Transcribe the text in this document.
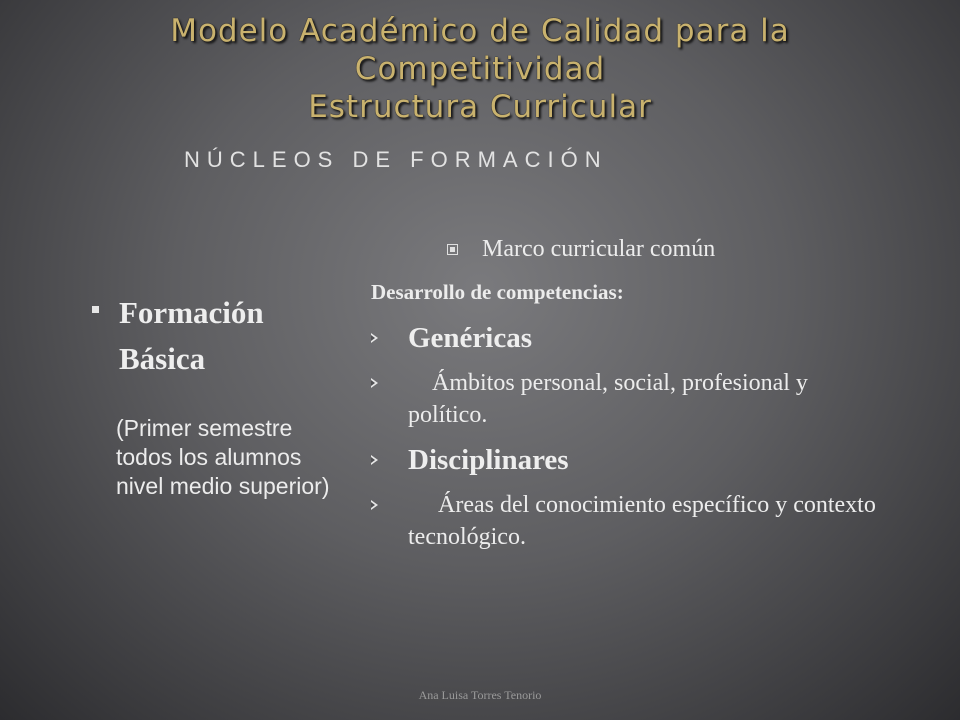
Modelo Académico de Calidad para la
Competitividad
Estructura Curricular
NÚCLEOS DE FORMACIÓN
Formación
Básica
(Primer semestre todos los alumnos nivel medio superior)
Marco curricular común
Desarrollo de competencias:
Genéricas
Ámbitos personal, social, profesional y político.
Disciplinares
Áreas del conocimiento específico y contexto tecnológico.
Ana Luisa Torres Tenorio
